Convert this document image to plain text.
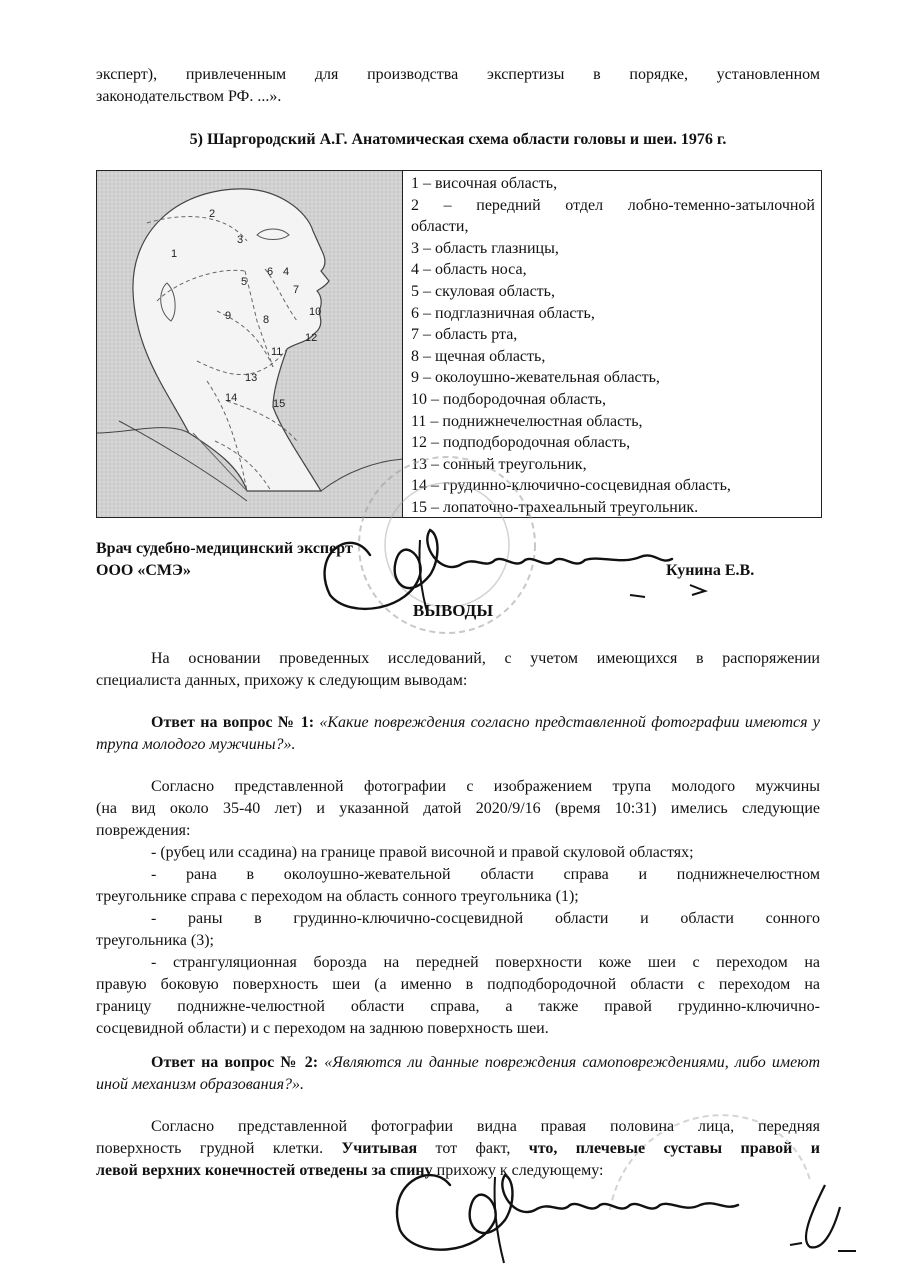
эксперт), привлеченным для производства экспертизы в порядке, установленном
законодательством РФ. ...».

5) Шаргородский А.Г. Анатомическая схема области головы и шеи. 1976 г.

2
1
3
4
5
6
7
8
9	10
11
12
13
14	15
1 – височная область,
2 – передний отдел лобно-теменно-затылочной
области,
3 – область глазницы,
4 – область носа,
5 – скуловая область,
6 – подглазничная область,
7 – область рта,
8 – щечная область,
9 – околоушно-жевательная область,
10 – подбородочная область,
11 – поднижнечелюстная область,
12 – подподбородочная область,
13 – сонный треугольник,
14 – грудинно-ключично-сосцевидная область,
15 – лопаточно-трахеальный треугольник.
Врач судебно-медицинский эксперт
ООО «СМЭ»	Кунина Е.В.
ВЫВОДЫ

На основании проведенных исследований, с учетом имеющихся в распоряжении
специалиста данных, прихожу к следующим выводам:

Ответ на вопрос № 1: «Какие повреждения согласно представленной фотографии имеются у трупа молодого мужчины?».

Согласно представленной фотографии с изображением трупа молодого мужчины
(на вид около 35-40 лет) и указанной датой 2020/9/16 (время 10:31) имелись следующие
повреждения:
- (рубец или ссадина) на границе правой височной и правой скуловой областях;
- рана в околоушно-жевательной области справа и поднижнечелюстном
треугольнике справа с переходом на область сонного треугольника (1);
- раны в грудинно-ключично-сосцевидной области и области сонного
треугольника (3);
- странгуляционная борозда на передней поверхности коже шеи с переходом на
правую боковую поверхность шеи (а именно в подподбородочной области с переходом на
границу поднижне-челюстной области справа, а также правой грудинно-ключично-
сосцевидной области) и с переходом на заднюю поверхность шеи.

Ответ на вопрос № 2: «Являются ли данные повреждения самоповреждениями, либо имеют иной механизм образования?».

Согласно представленной фотографии видна правая половина лица, передняя
поверхность грудной клетки. Учитывая тот факт, что, плечевые суставы правой и
левой верхних конечностей отведены за спину прихожу к следующему:
